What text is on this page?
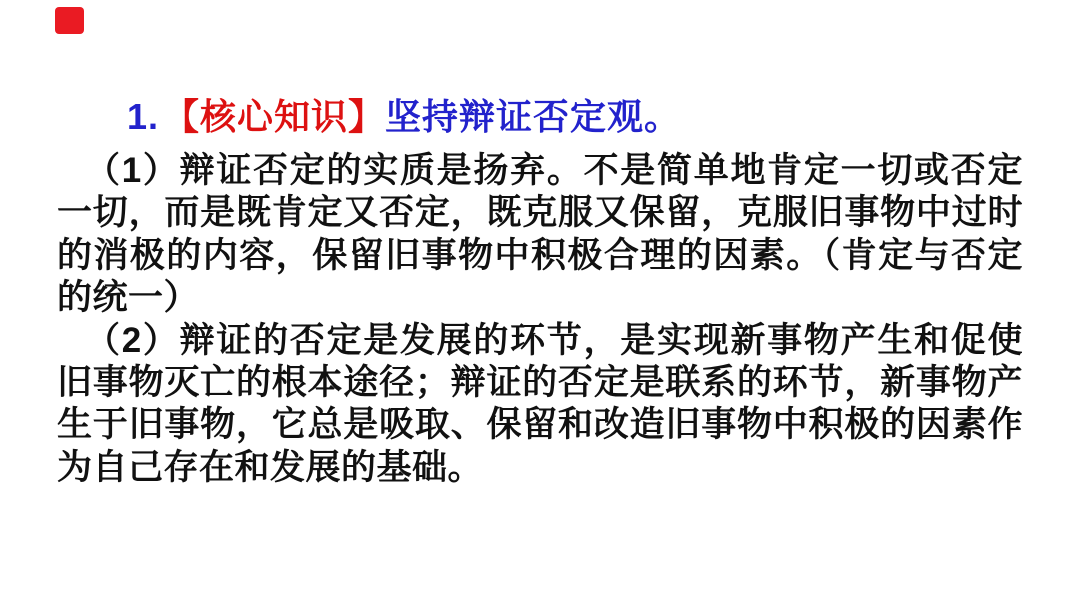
1. 【核心知识】坚持辩证否定观。
（1）辩证否定的实质是扬弃。不是简单地肯定一切或否定
一切，而是既肯定又否定，既克服又保留，克服旧事物中过时
的消极的内容，保留旧事物中积极合理的因素。（肯定与否定
的统一）
（2）辩证的否定是发展的环节，是实现新事物产生和促使
旧事物灭亡的根本途径；辩证的否定是联系的环节，新事物产
生于旧事物，它总是吸取、保留和改造旧事物中积极的因素作
为自己存在和发展的基础。
